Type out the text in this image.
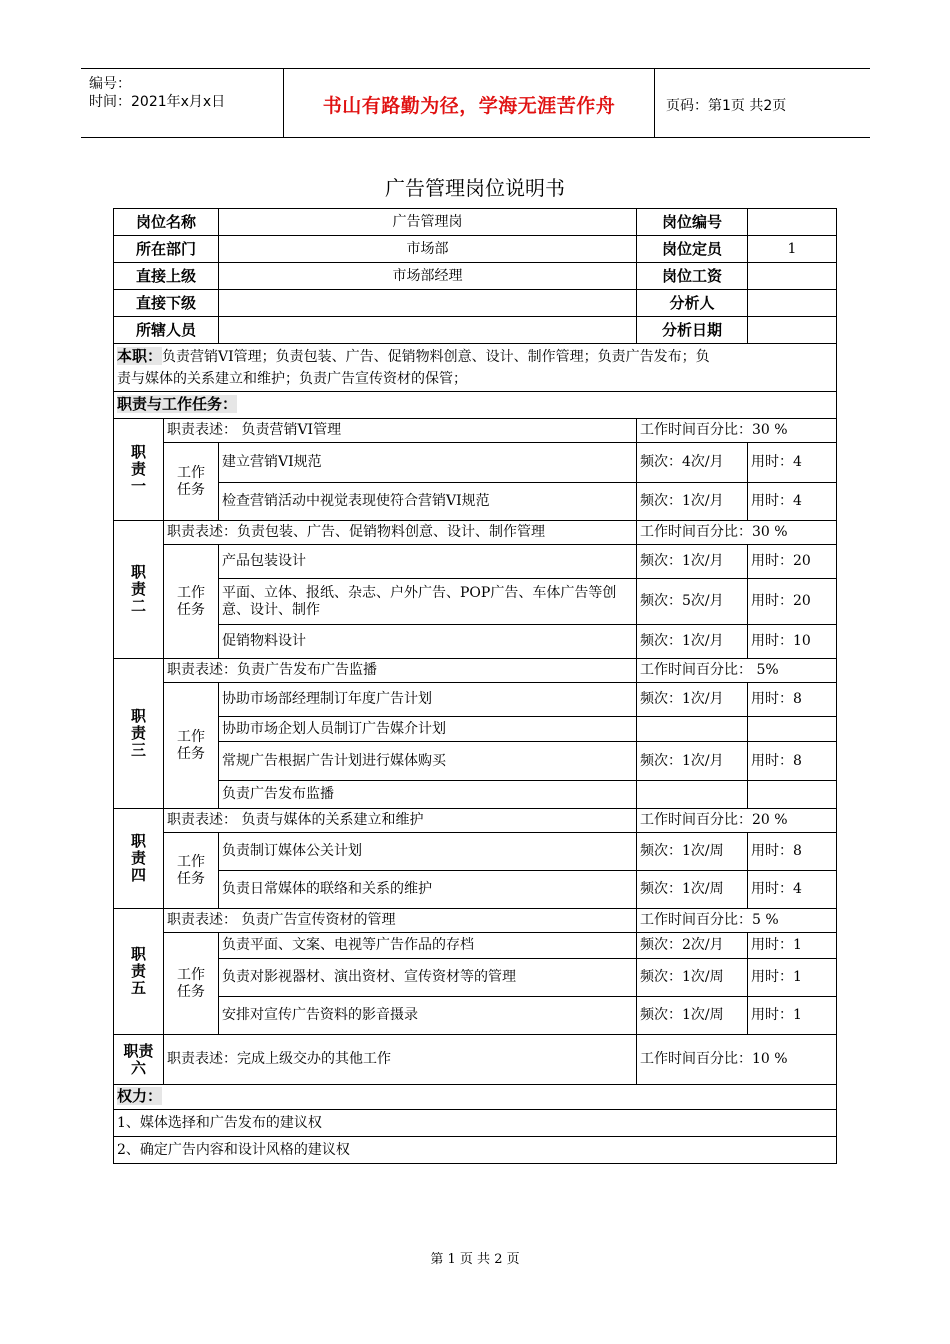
编号：
时间：2021年x月x日	书山有路勤为径，学海无涯苦作舟	页码：第1页 共2页
广告管理岗位说明书
岗位名称		广告管理岗	岗位编号	
所在部门		市场部	岗位定员	1
直接上级		市场部经理	岗位工资	
直接下级			分析人	
所辖人员			分析日期	
本职：负责营销VI管理；负责包装、广告、促销物料创意、设计、制作管理；负责广告发布；负
责与媒体的关系建立和维护；负责广告宣传资材的保管；				
职责与工作任务：				
职责一	职责表述： 负责营销VI管理		工作时间百分比：30 %	
	工作任务	建立营销VI规范	频次：4次/月	用时：4
		检查营销活动中视觉表现使符合营销VI规范	频次：1次/月	用时：4
职责二	职责表述：负责包装、广告、促销物料创意、设计、制作管理		工作时间百分比：30 %	
	工作任务	产品包装设计	频次：1次/月	用时：20
		平面、立体、报纸、杂志、户外广告、POP广告、车体广告等创意、设计、制作	频次：5次/月	用时：20
		促销物料设计	频次：1次/月	用时：10
职责三	职责表述：负责广告发布广告监播		工作时间百分比： 5%	
	工作任务	协助市场部经理制订年度广告计划	频次：1次/月	用时：8
		协助市场企划人员制订广告媒介计划		
		常规广告根据广告计划进行媒体购买	频次：1次/月	用时：8
		负责广告发布监播		
职责四	职责表述： 负责与媒体的关系建立和维护		工作时间百分比：20 %	
	工作任务	负责制订媒体公关计划	频次：1次/周	用时：8
		负责日常媒体的联络和关系的维护	频次：1次/周	用时：4
职责五	职责表述： 负责广告宣传资材的管理		工作时间百分比：5 %	
	工作任务	负责平面、文案、电视等广告作品的存档	频次：2次/月	用时：1
		负责对影视器材、演出资材、宣传资材等的管理	频次：1次/周	用时：1
		安排对宣传广告资料的影音摄录	频次：1次/周	用时：1
职责六	职责表述：完成上级交办的其他工作		工作时间百分比：10 %	
权力：				
1、媒体选择和广告发布的建议权				
2、确定广告内容和设计风格的建议权				
第 1 页 共 2 页
